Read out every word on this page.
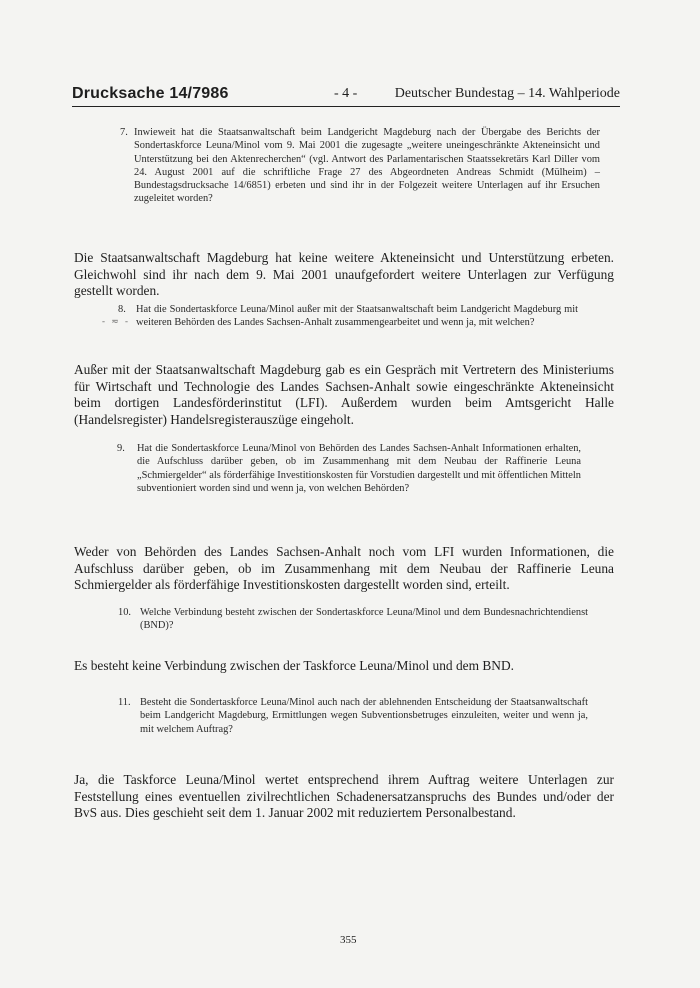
Drucksache 14/7986	- 4 -	Deutscher Bundestag – 14. Wahlperiode
7. Inwieweit hat die Staatsanwaltschaft beim Landgericht Magdeburg nach der Übergabe des Berichts der Sondertaskforce Leuna/Minol vom 9. Mai 2001 die zugesagte „weitere uneingeschränkte Akteneinsicht und Unterstützung bei den Aktenrecherchen“ (vgl. Antwort des Parlamentarischen Staatssekretärs Karl Diller vom 24. August 2001 auf die schriftliche Frage 27 des Abgeordneten Andreas Schmidt (Mülheim) – Bundestagsdrucksache 14/6851) erbeten und sind ihr in der Folgezeit weitere Unterlagen auf ihr Ersuchen zugeleitet worden?

Die Staatsanwaltschaft Magdeburg hat keine weitere Akteneinsicht und Unterstützung erbeten. Gleichwohl sind ihr nach dem 9. Mai 2001 unaufgefordert weitere Unterlagen zur Verfügung gestellt worden.

8. Hat die Sondertaskforce Leuna/Minol außer mit der Staatsanwaltschaft beim Landgericht Magdeburg mit weiteren Behörden des Landes Sachsen-Anhalt zusammengearbeitet und wenn ja, mit welchen?

- ≂ -

Außer mit der Staatsanwaltschaft Magdeburg gab es ein Gespräch mit Vertretern des Ministeriums für Wirtschaft und Technologie des Landes Sachsen-Anhalt sowie eingeschränkte Akteneinsicht beim dortigen Landesförderinstitut (LFI). Außerdem wurden beim Amtsgericht Halle (Handelsregister) Handelsregisterauszüge eingeholt.

9. Hat die Sondertaskforce Leuna/Minol von Behörden des Landes Sachsen-Anhalt Informationen erhalten, die Aufschluss darüber geben, ob im Zusammenhang mit dem Neubau der Raffinerie Leuna „Schmiergelder“ als förderfähige Investitionskosten für Vorstudien dargestellt und mit öffentlichen Mitteln subventioniert worden sind und wenn ja, von welchen Behörden?

Weder von Behörden des Landes Sachsen-Anhalt noch vom LFI wurden Informationen, die Aufschluss darüber geben, ob im Zusammenhang mit dem Neubau der Raffinerie Leuna Schmiergelder als förderfähige Investitionskosten dargestellt worden sind, erteilt.

10. Welche Verbindung besteht zwischen der Sondertaskforce Leuna/Minol und dem Bundesnachrichtendienst (BND)?

Es besteht keine Verbindung zwischen der Taskforce Leuna/Minol und dem BND.

11. Besteht die Sondertaskforce Leuna/Minol auch nach der ablehnenden Entscheidung der Staatsanwaltschaft beim Landgericht Magdeburg, Ermittlungen wegen Subventionsbetruges einzuleiten, weiter und wenn ja, mit welchem Auftrag?

Ja, die Taskforce Leuna/Minol wertet entsprechend ihrem Auftrag weitere Unterlagen zur Feststellung eines eventuellen zivilrechtlichen Schadenersatzanspruchs des Bundes und/oder der BvS aus. Dies geschieht seit dem 1. Januar 2002 mit reduziertem Personalbestand.

355
